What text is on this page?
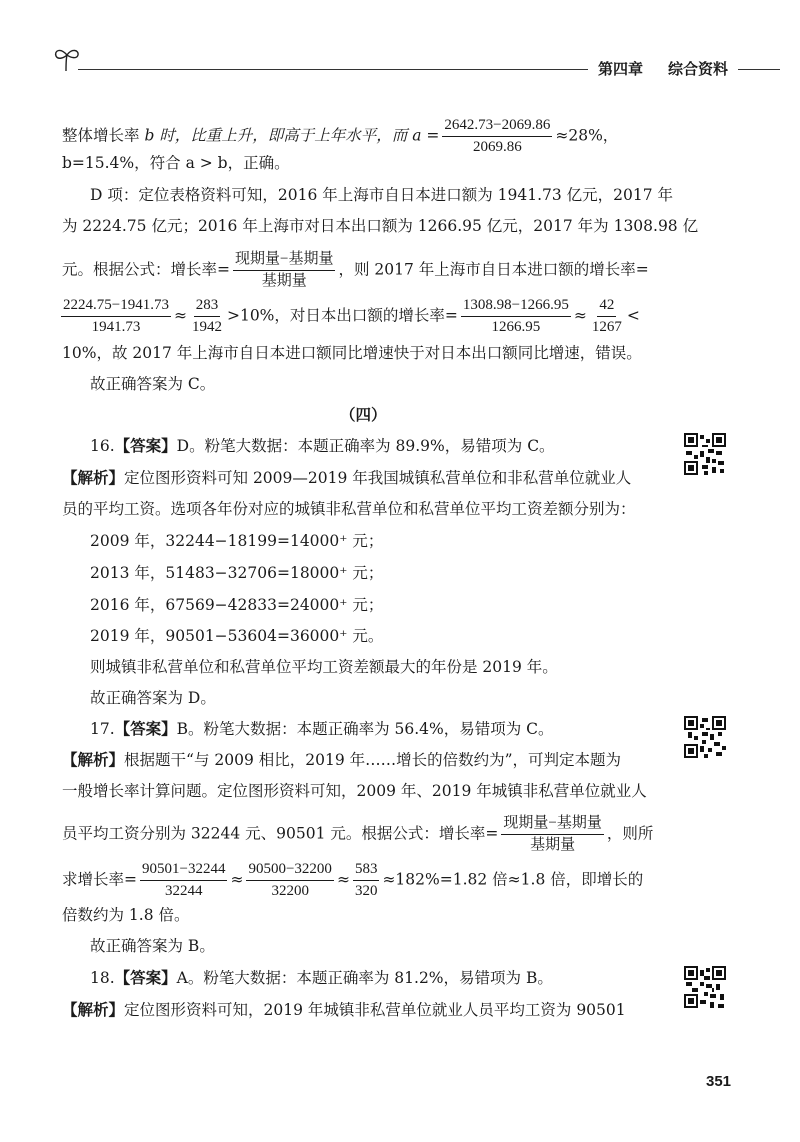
第四章 综合资料
整体增长率 b 时，比重上升，即高于上年水平，而 $a = \frac{2642.73-2069.86}{2069.86} \approx 28\%$，
b=15.4%，符合 a > b，正确。
D 项：定位表格资料可知，2016 年上海市自日本进口额为 1941.73 亿元，2017 年
为 2224.75 亿元；2016 年上海市对日本出口额为 1266.95 亿元，2017 年为 1308.98 亿
元。根据公式：增长率= $\frac{\text{现期量−基期量}}{\text{基期量}}$ ，则 2017 年上海市自日本进口额的增长率=
$\frac{2224.75-1941.73}{1941.73} \approx \frac{283}{1942} >10\%$，对日本出口额的增长率= $\frac{1308.98-1266.95}{1266.95} \approx \frac{42}{1267}$ <
10%，故 2017 年上海市自日本进口额同比增速快于对日本出口额同比增速，错误。
故正确答案为 C。
（四）
16.【答案】D。粉笔大数据：本题正确率为 89.9%，易错项为 C。
【解析】定位图形资料可知 2009—2019 年我国城镇私营单位和非私营单位就业人
员的平均工资。选项各年份对应的城镇非私营单位和私营单位平均工资差额分别为：
2009 年，32244−18199=14000⁺ 元；
2013 年，51483−32706=18000⁺ 元；
2016 年，67569−42833=24000⁺ 元；
2019 年，90501−53604=36000⁺ 元。
则城镇非私营单位和私营单位平均工资差额最大的年份是 2019 年。
故正确答案为 D。
17.【答案】B。粉笔大数据：本题正确率为 56.4%，易错项为 C。
【解析】根据题干“与 2009 相比，2019 年……增长的倍数约为”，可判定本题为
一般增长率计算问题。定位图形资料可知，2009 年、2019 年城镇非私营单位就业人
员平均工资分别为 32244 元、90501 元。根据公式：增长率= $\frac{\text{现期量−基期量}}{\text{基期量}}$ ，则所
求增长率= $\frac{90501-32244}{32244} \approx \frac{90500-32200}{32200} \approx \frac{583}{320} \approx 182\%=1.82$ 倍≈1.8 倍，即增长的
倍数约为 1.8 倍。
故正确答案为 B。
18.【答案】A。粉笔大数据：本题正确率为 81.2%，易错项为 B。
【解析】定位图形资料可知，2019 年城镇非私营单位就业人员平均工资为 90501
351
